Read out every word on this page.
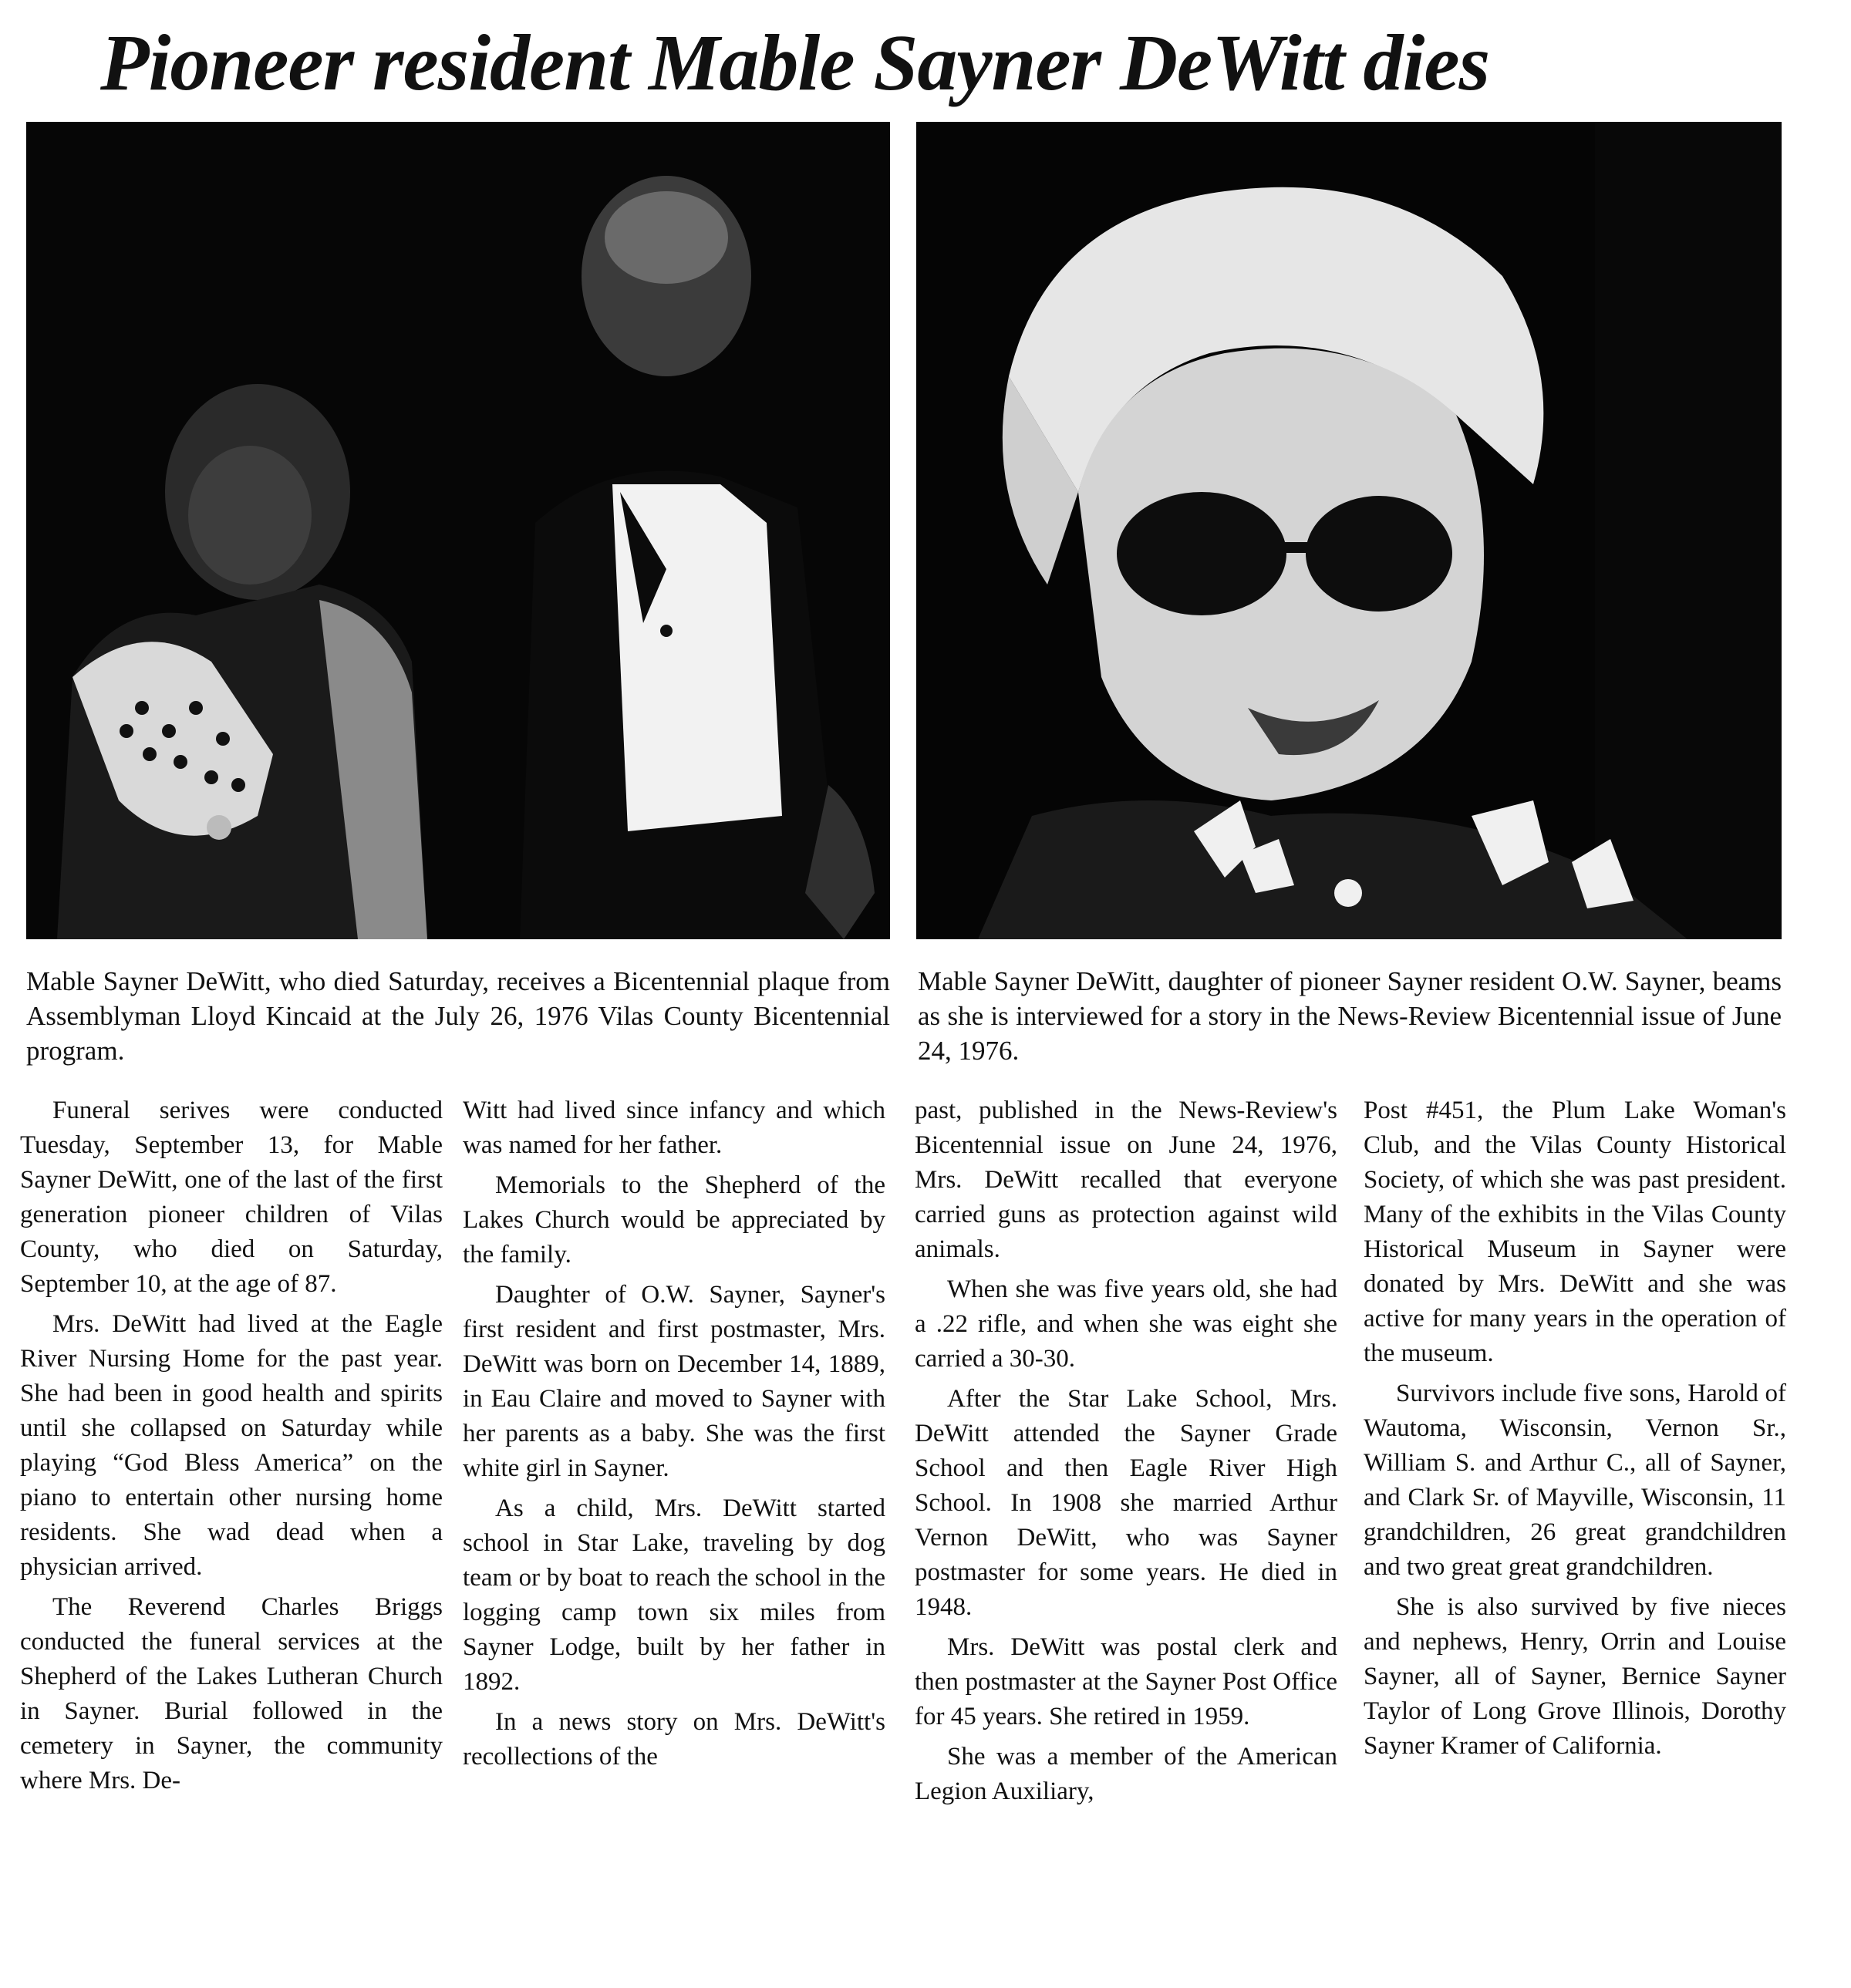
Pioneer resident Mable Sayner DeWitt dies
Mable Sayner DeWitt, who died Saturday, receives a Bicentennial plaque from Assemblyman Lloyd Kincaid at the July 26, 1976 Vilas County Bicentennial program.
Mable Sayner DeWitt, daughter of pioneer Sayner resident O.W. Sayner, beams as she is interviewed for a story in the News-Review Bicentennial issue of June 24, 1976.

Funeral serives were conducted Tuesday, September 13, for Mable Sayner DeWitt, one of the last of the first generation pioneer children of Vilas County, who died on Saturday, September 10, at the age of 87.

Mrs. DeWitt had lived at the Eagle River Nursing Home for the past year. She had been in good health and spirits until she collapsed on Saturday while playing “God Bless America” on the piano to entertain other nursing home residents. She wad dead when a physician arrived.

The Reverend Charles Briggs conducted the funeral services at the Shepherd of the Lakes Lutheran Church in Sayner. Burial followed in the cemetery in Sayner, the community where Mrs. De-

Witt had lived since infancy and which was named for her father.

Memorials to the Shepherd of the Lakes Church would be appreciated by the family.

Daughter of O.W. Sayner, Sayner's first resident and first postmaster, Mrs. DeWitt was born on December 14, 1889, in Eau Claire and moved to Sayner with her parents as a baby. She was the first white girl in Sayner.

As a child, Mrs. DeWitt started school in Star Lake, traveling by dog team or by boat to reach the school in the logging camp town six miles from Sayner Lodge, built by her father in 1892.

In a news story on Mrs. DeWitt's recollections of the

past, published in the News-Review's Bicentennial issue on June 24, 1976, Mrs. DeWitt recalled that everyone carried guns as protection against wild animals.

When she was five years old, she had a .22 rifle, and when she was eight she carried a 30-30.

After the Star Lake School, Mrs. DeWitt attended the Sayner Grade School and then Eagle River High School. In 1908 she married Arthur Vernon DeWitt, who was Sayner postmaster for some years. He died in 1948.

Mrs. DeWitt was postal clerk and then postmaster at the Sayner Post Office for 45 years. She retired in 1959.

She was a member of the American Legion Auxiliary,

Post #451, the Plum Lake Woman's Club, and the Vilas County Historical Society, of which she was past president. Many of the exhibits in the Vilas County Historical Museum in Sayner were donated by Mrs. DeWitt and she was active for many years in the operation of the museum.

Survivors include five sons, Harold of Wautoma, Wisconsin, Vernon Sr., William S. and Arthur C., all of Sayner, and Clark Sr. of Mayville, Wisconsin, 11 grandchildren, 26 great grandchildren and two great great grandchildren.

She is also survived by five nieces and nephews, Henry, Orrin and Louise Sayner, all of Sayner, Bernice Sayner Taylor of Long Grove Illinois, Dorothy Sayner Kramer of California.
